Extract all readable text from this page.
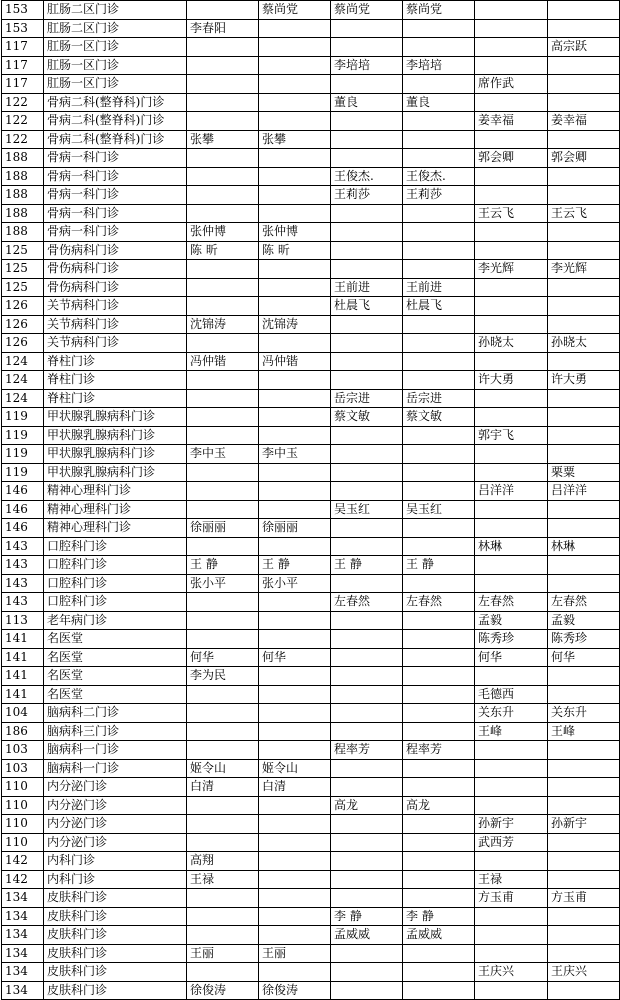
153	肛肠二区门诊		蔡尚党	蔡尚党	蔡尚党		
153	肛肠二区门诊	李春阳					
117	肛肠一区门诊						高宗跃
117	肛肠一区门诊			李培培	李培培		
117	肛肠一区门诊					席作武	
122	骨病二科(整脊科)门诊			董良	董良		
122	骨病二科(整脊科)门诊					姜幸福	姜幸福
122	骨病二科(整脊科)门诊	张攀	张攀				
188	骨病一科门诊					郭会卿	郭会卿
188	骨病一科门诊			王俊杰.	王俊杰.		
188	骨病一科门诊			王莉莎	王莉莎		
188	骨病一科门诊					王云飞	王云飞
188	骨病一科门诊	张仲博	张仲博				
125	骨伤病科门诊	陈 昕	陈 昕				
125	骨伤病科门诊					李光辉	李光辉
125	骨伤病科门诊			王前进	王前进		
126	关节病科门诊			杜晨飞	杜晨飞		
126	关节病科门诊	沈锦涛	沈锦涛				
126	关节病科门诊					孙晓太	孙晓太
124	脊柱门诊	冯仲锴	冯仲锴				
124	脊柱门诊					许大勇	许大勇
124	脊柱门诊			岳宗进	岳宗进		
119	甲状腺乳腺病科门诊			蔡文敏	蔡文敏		
119	甲状腺乳腺病科门诊					郭宇飞	
119	甲状腺乳腺病科门诊	李中玉	李中玉				
119	甲状腺乳腺病科门诊						栗粟
146	精神心理科门诊					吕洋洋	吕洋洋
146	精神心理科门诊			吴玉红	吴玉红		
146	精神心理科门诊	徐丽丽	徐丽丽				
143	口腔科门诊					林琳	林琳
143	口腔科门诊	王 静	王 静	王 静	王 静		
143	口腔科门诊	张小平	张小平				
143	口腔科门诊			左春然	左春然	左春然	左春然
113	老年病门诊					孟毅	孟毅
141	名医堂					陈秀珍	陈秀珍
141	名医堂	何华	何华			何华	何华
141	名医堂	李为民					
141	名医堂					毛德西	
104	脑病科二门诊					关东升	关东升
186	脑病科三门诊					王峰	王峰
103	脑病科一门诊			程率芳	程率芳		
103	脑病科一门诊	姬令山	姬令山				
110	内分泌门诊	白清	白清				
110	内分泌门诊			高龙	高龙		
110	内分泌门诊					孙新宇	孙新宇
110	内分泌门诊					武西芳	
142	内科门诊	高翔					
142	内科门诊	王禄				王禄	
134	皮肤科门诊					方玉甫	方玉甫
134	皮肤科门诊			李 静	李 静		
134	皮肤科门诊			孟威威	孟威威		
134	皮肤科门诊	王丽	王丽				
134	皮肤科门诊					王庆兴	王庆兴
134	皮肤科门诊	徐俊涛	徐俊涛				
